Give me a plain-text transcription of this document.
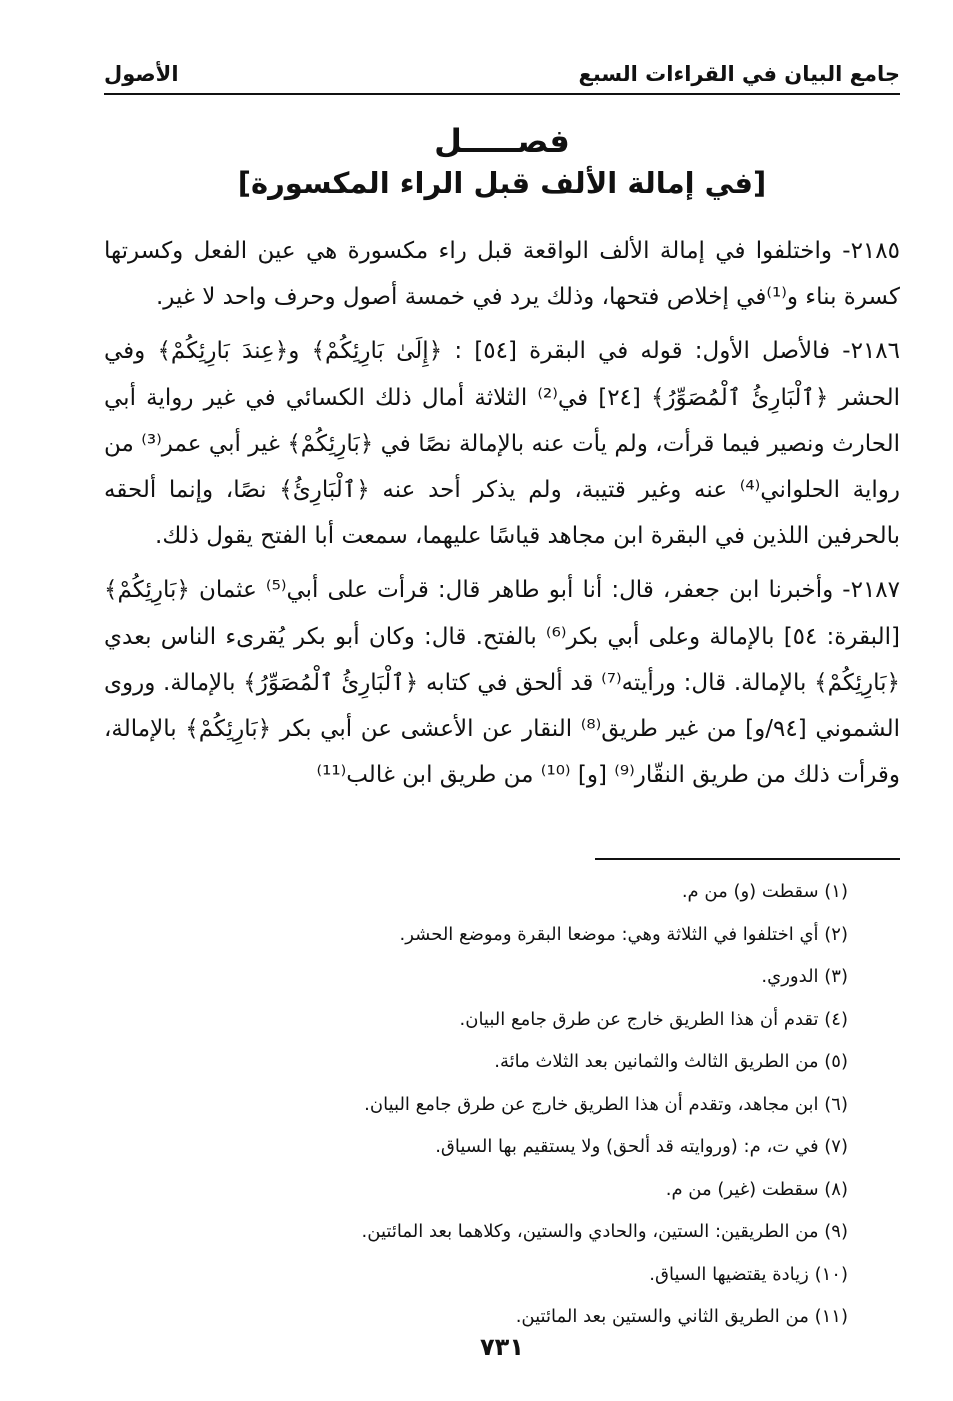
جامع البيان في القراءات السبع
الأصول
فصـــــل
[في إمالة الألف قبل الراء المكسورة]

٢١٨٥- واختلفوا في إمالة الألف الواقعة قبل راء مكسورة هي عين الفعل وكسرتها كسرة بناء و⁽¹⁾في إخلاص فتحها، وذلك يرد في خمسة أصول وحرف واحد لا غير.

٢١٨٦- فالأصل الأول: قوله في البقرة [٥٤] : ﴿إِلَىٰ بَارِئِكُمْ﴾ و﴿عِندَ بَارِئِكُمْ﴾ وفي الحشر ﴿ٱلْبَارِئُ ٱلْمُصَوِّرُ﴾ [٢٤] في⁽²⁾ الثلاثة أمال ذلك الكسائي في غير رواية أبي الحارث ونصير فيما قرأت، ولم يأت عنه بالإمالة نصًا في ﴿بَارِئِكُمْ﴾ غير أبي عمر⁽³⁾ من رواية الحلواني⁽⁴⁾ عنه وغير قتيبة، ولم يذكر أحد عنه ﴿ٱلْبَارِئُ﴾ نصًا، وإنما ألحقه بالحرفين اللذين في البقرة ابن مجاهد قياسًا عليهما، سمعت أبا الفتح يقول ذلك.

٢١٨٧- وأخبرنا ابن جعفر، قال: أنا أبو طاهر قال: قرأت على أبي⁽⁵⁾ عثمان ﴿بَارِئِكُمْ﴾ [البقرة: ٥٤] بالإمالة وعلى أبي بكر⁽⁶⁾ بالفتح. قال: وكان أبو بكر يُقرىء الناس بعدي ﴿بَارِئِكُمْ﴾ بالإمالة. قال: ورأيته⁽⁷⁾ قد ألحق في كتابه ﴿ٱلْبَارِئُ ٱلْمُصَوِّرُ﴾ بالإمالة. وروى الشموني [٩٤/و] من غير طريق⁽⁸⁾ النقار عن الأعشى عن أبي بكر ﴿بَارِئِكُمْ﴾ بالإمالة، وقرأت ذلك من طريق النقّار⁽⁹⁾ [و] ⁽¹⁰⁾ من طريق ابن غالب⁽¹¹⁾

(١) سقطت (و) من م.
(٢) أي اختلفوا في الثلاثة وهي: موضعا البقرة وموضع الحشر.
(٣) الدوري.
(٤) تقدم أن هذا الطريق خارج عن طرق جامع البيان.
(٥) من الطريق الثالث والثمانين بعد الثلاث مائة.
(٦) ابن مجاهد، وتقدم أن هذا الطريق خارج عن طرق جامع البيان.
(٧) في ت، م: (وروايته قد ألحق) ولا يستقيم بها السياق.
(٨) سقطت (غير) من م.
(٩) من الطريقين: الستين، والحادي والستين، وكلاهما بعد المائتين.
(١٠) زيادة يقتضيها السياق.
(١١) من الطريق الثاني والستين بعد المائتين.
٧٣١
